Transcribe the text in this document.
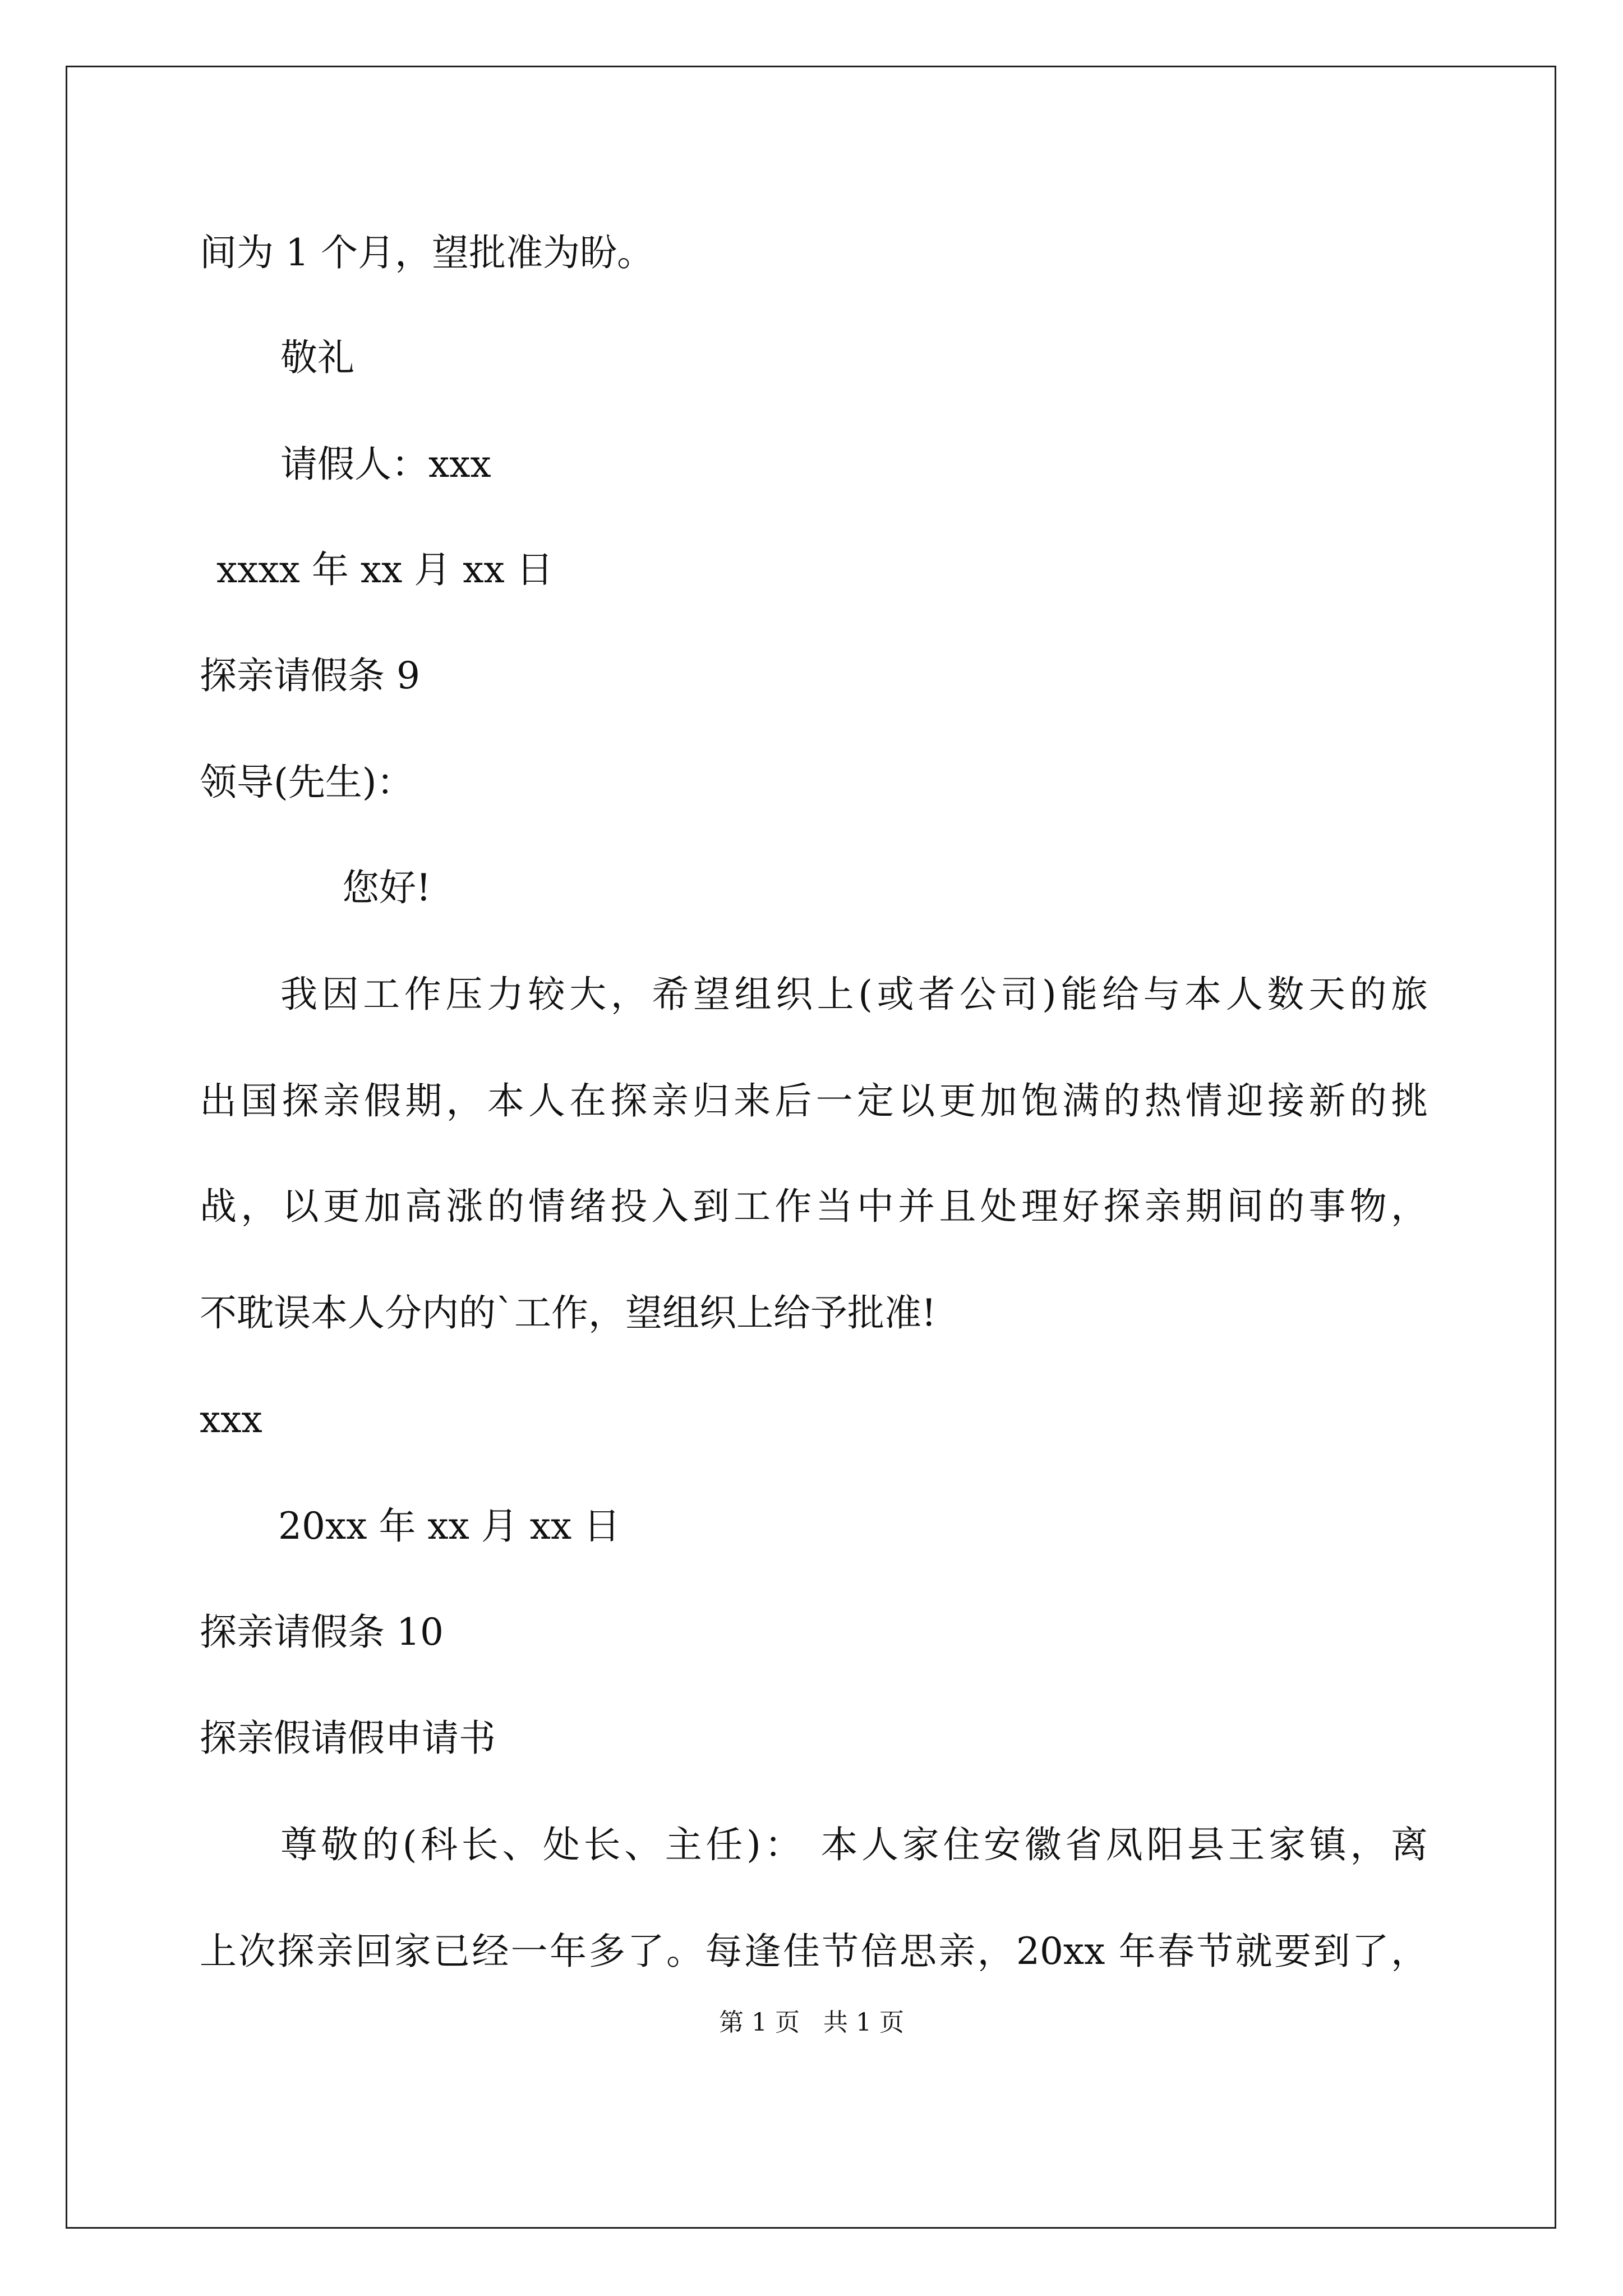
间为 1 个月，望批准为盼。
敬礼
请假人：xxx
xxxx 年 xx 月 xx 日
探亲请假条 9
领导(先生)：
您好!
我因工作压力较大，希望组织上(或者公司)能给与本人数天的旅
出国探亲假期，本人在探亲归来后一定以更加饱满的热情迎接新的挑
战，以更加高涨的情绪投入到工作当中并且处理好探亲期间的事物，
不耽误本人分内的`工作，望组织上给予批准!
xxx
20xx 年 xx 月 xx 日
探亲请假条 10
探亲假请假申请书
尊敬的(科长、处长、主任)： 本人家住安徽省凤阳县王家镇，离
上次探亲回家已经一年多了。每逢佳节倍思亲，20xx 年春节就要到了，
第 1 页   共 1 页
